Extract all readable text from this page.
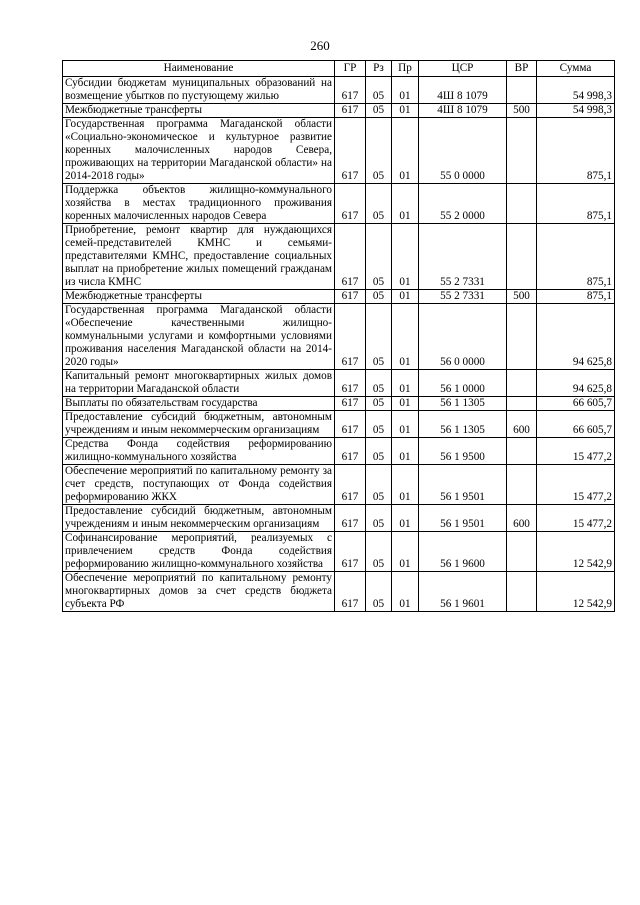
260
Наименование	ГР	Рз	Пр	ЦСР	ВР	Сумма
Субсидии бюджетам муниципальных образований на возмещение убытков по пустующему жилью	617	05	01	4Ш 8 1079		54 998,3
Межбюджетные трансферты	617	05	01	4Ш 8 1079	500	54 998,3
Государственная программа Магаданской области «Социально-экономическое и культурное развитие коренных малочисленных народов Севера, проживающих на территории Магаданской области» на 2014-2018 годы»	617	05	01	55 0 0000		875,1
Поддержка объектов жилищно-коммунального хозяйства в местах традиционного проживания коренных малочисленных народов Севера	617	05	01	55 2 0000		875,1
Приобретение, ремонт квартир для нуждающихся семей-представителей КМНС и семьями- представителями КМНС, предоставление социальных выплат на приобретение жилых помещений гражданам из числа КМНС	617	05	01	55 2 7331		875,1
Межбюджетные трансферты	617	05	01	55 2 7331	500	875,1
Государственная программа Магаданской области «Обеспечение качественными жилищно-коммунальными услугами и комфортными условиями проживания населения Магаданской области на 2014-2020 годы»	617	05	01	56 0 0000		94 625,8
Капитальный ремонт многоквартирных жилых домов на территории Магаданской области	617	05	01	56 1 0000		94 625,8
Выплаты по обязательствам государства	617	05	01	56 1 1305		66 605,7
Предоставление субсидий бюджетным, автономным учреждениям и иным некоммерческим организациям	617	05	01	56 1 1305	600	66 605,7
Средства Фонда содействия реформированию жилищно-коммунального хозяйства	617	05	01	56 1 9500		15 477,2
Обеспечение мероприятий по капитальному ремонту за счет средств, поступающих от Фонда содействия реформированию ЖКХ	617	05	01	56 1 9501		15 477,2
Предоставление субсидий бюджетным, автономным учреждениям и иным некоммерческим организациям	617	05	01	56 1 9501	600	15 477,2
Софинансирование мероприятий, реализуемых с привлечением средств Фонда содействия реформированию жилищно-коммунального хозяйства	617	05	01	56 1 9600		12 542,9
Обеспечение мероприятий по капитальному ремонту многоквартирных домов за счет средств бюджета субъекта РФ	617	05	01	56 1 9601		12 542,9
